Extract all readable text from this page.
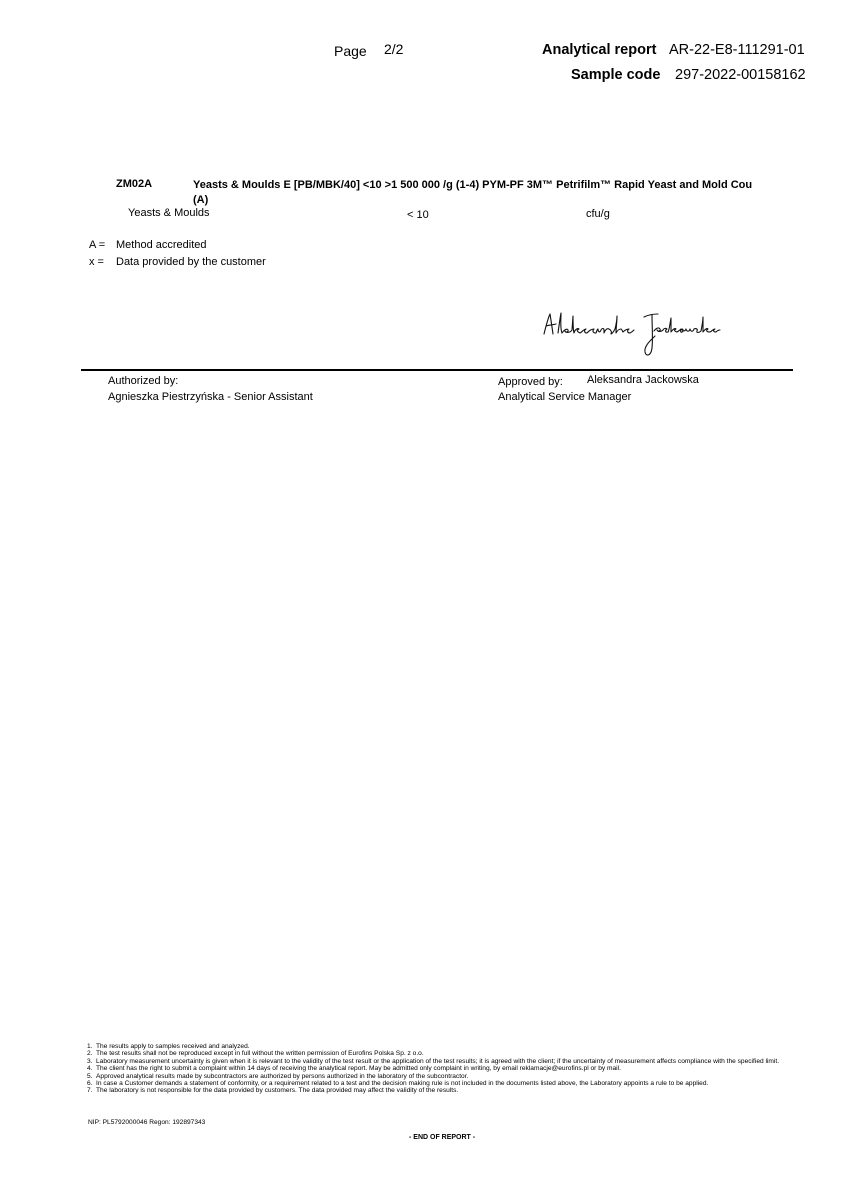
Page 2/2	Analytical report AR-22-E8-111291-01
Sample code 297-2022-00158162
ZM02A	Yeasts & Moulds E [PB/MBK/40] <10 >1 500 000 /g (1-4) PYM-PF 3M™ Petrifilm™ Rapid Yeast and Mold Cou
(A)
Yeasts & Moulds	< 10	cfu/g
A = Method accredited
x = Data provided by the customer
Authorized by:
Agnieszka Piestrzyńska - Senior Assistant
Approved by: Aleksandra Jackowska
Analytical Service Manager
1. The results apply to samples received and analyzed.
2. The test results shall not be reproduced except in full without the written permission of Eurofins Polska Sp. z o.o.
3. Laboratory measurement uncertainty is given when it is relevant to the validity of the test result or the application of the test results; it is agreed with the client; if the uncertainty of measurement affects compliance with the specified limit.
4. The client has the right to submit a complaint within 14 days of receiving the analytical report. May be admitted only complaint in writing, by email reklamacje@eurofins.pl or by mail.
5. Approved analytical results made by subcontractors are authorized by persons authorized in the laboratory of the subcontractor.
6. In case a Customer demands a statement of conformity, or a requirement related to a test and the decision making rule is not included in the documents listed above, the Laboratory appoints a rule to be applied.
7. The laboratory is not responsible for the data provided by customers. The data provided may affect the validity of the results.
NIP: PL5792000046 Regon: 192897343
- END OF REPORT -
